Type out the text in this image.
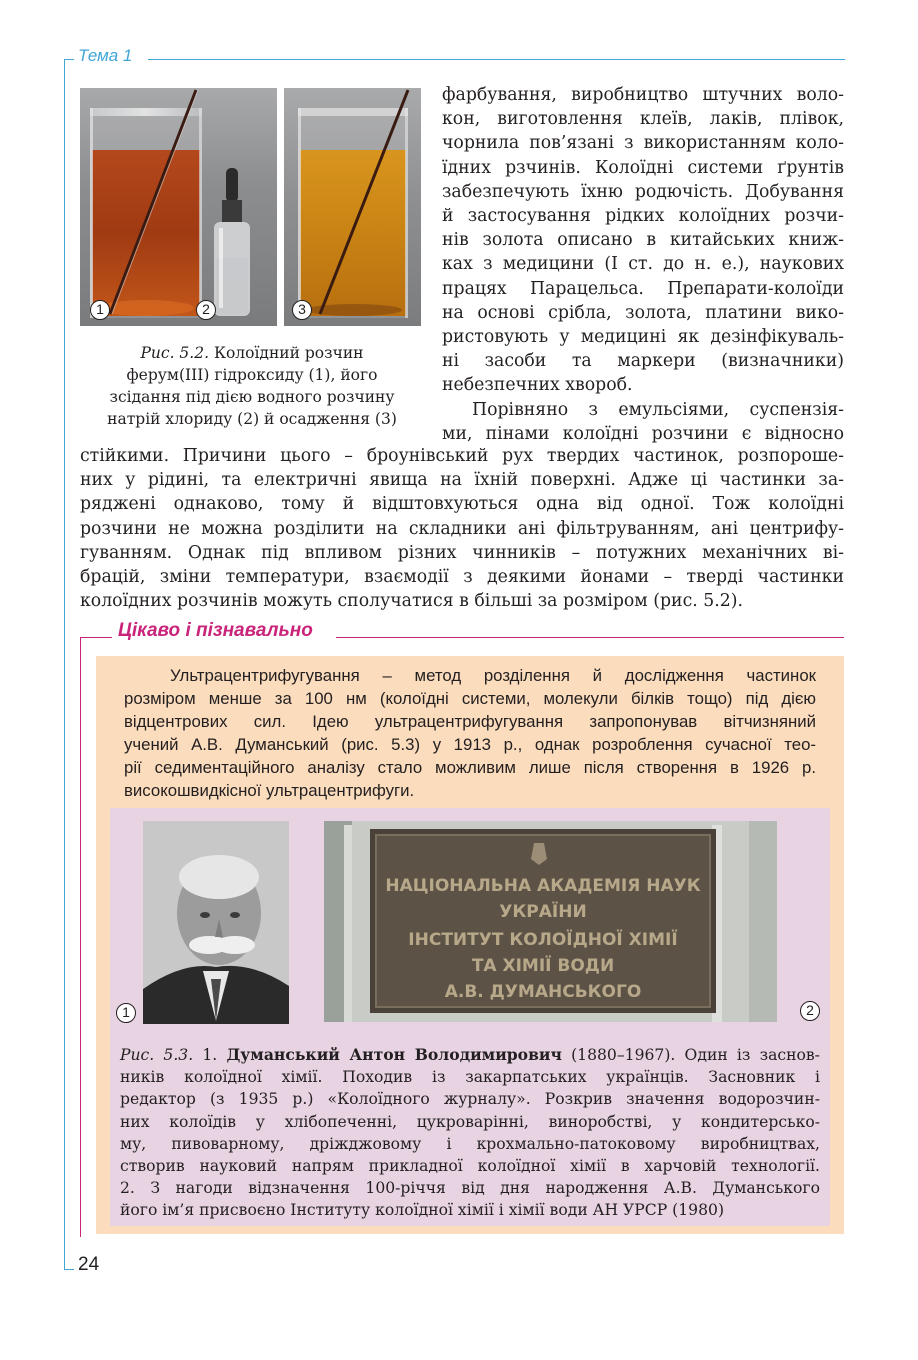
Тема 1
24
1	2	3
Рис. 5.2. Колоїдний розчин
ферум(ІІІ) гідроксиду (1), його
зсідання під дією водного розчину
натрій хлориду (2) й осадження (3)

фарбування, виробництво штучних воло-

кон, виготовлення клеїв, лаків, плівок,

чорнила пов’язані з використанням коло-

їдних рзчинів. Колоїдні системи ґрунтів

забезпечують їхню родючість. Добування

й застосування рідких колоїдних розчи-

нів золота описано в китайських книж-

ках з медицини (І ст. до н. е.), наукових

працях Парацельса. Препарати-колоїди

на основі срібла, золота, платини вико-

ристовують у медицині як дезінфікуваль-

ні засоби та маркери (визначники)

небезпечних хвороб.

Порівняно з емульсіями, суспензія-

ми, пінами колоїдні розчини є відносно

стійкими. Причини цього – броунівський рух твердих частинок, розпороше-

них у рідині, та електричні явища на їхній поверхні. Адже ці частинки за-

ряджені однаково, тому й відштовхуються одна від одної. Тож колоїдні

розчини не можна розділити на складники ані фільтруванням, ані центрифу-

гуванням. Однак під впливом різних чинників – потужних механічних ві-

брацій, зміни температури, взаємодії з деякими йонами – тверді частинки

колоїдних розчинів можуть сполучатися в більші за розміром (рис. 5.2).

Цікаво і пізнавально

Ультрацентрифугування – метод розділення й дослідження частинок

розміром менше за 100 нм (колоїдні системи, молекули білків тощо) під дією

відцентрових сил. Ідею ультрацентрифугування запропонував вітчизняний

учений А.В. Думанський (рис. 5.3) у 1913 р., однак розроблення сучасної тео-

рії седиментаційного аналізу стало можливим лише після створення в 1926 р.

високошвидкісної ультрацентрифуги.

1
НАЦІОНАЛЬНА АКАДЕМІЯ НАУК
УКРАЇНИ
ІНСТИТУТ КОЛОЇДНОЇ ХІМІЇ
ТА ХІМІЇ ВОДИ
А.В. ДУМАНСЬКОГО
2

Рис. 5.3. 1. Думанський Антон Володимирович (1880–1967). Один із заснов-

ників колоїдної хімії. Походив із закарпатських українців. Засновник і

редактор (з 1935 р.) «Колоїдного журналу». Розкрив значення водорозчин-

них колоїдів у хлібопеченні, цукроварінні, виноробстві, у кондитерсько-

му, пивоварному, дріжджовому і крохмально-патоковому виробництвах,

створив науковий напрям прикладної колоїдної хімії в харчовій технології.

2. З нагоди відзначення 100-річчя від дня народження А.В. Думанського

його ім’я присвоєно Інституту колоїдної хімії і хімії води АН УРСР (1980)
